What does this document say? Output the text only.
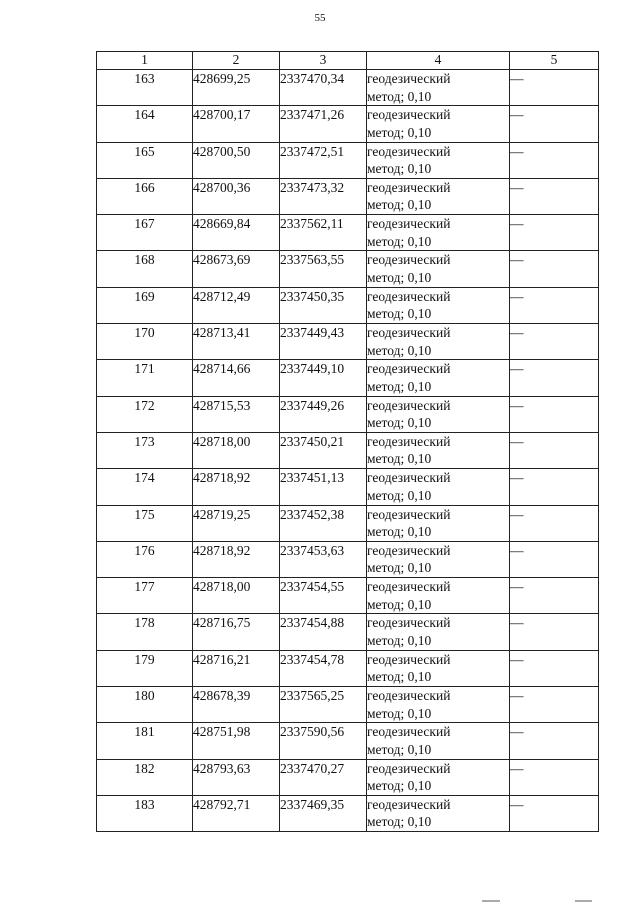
55
1	2	3	4	5
163	428699,25	2337470,34	геодезический
метод; 0,10	—
164	428700,17	2337471,26	геодезический
метод; 0,10	—
165	428700,50	2337472,51	геодезический
метод; 0,10	—
166	428700,36	2337473,32	геодезический
метод; 0,10	—
167	428669,84	2337562,11	геодезический
метод; 0,10	—
168	428673,69	2337563,55	геодезический
метод; 0,10	—
169	428712,49	2337450,35	геодезический
метод; 0,10	—
170	428713,41	2337449,43	геодезический
метод; 0,10	—
171	428714,66	2337449,10	геодезический
метод; 0,10	—
172	428715,53	2337449,26	геодезический
метод; 0,10	—
173	428718,00	2337450,21	геодезический
метод; 0,10	—
174	428718,92	2337451,13	геодезический
метод; 0,10	—
175	428719,25	2337452,38	геодезический
метод; 0,10	—
176	428718,92	2337453,63	геодезический
метод; 0,10	—
177	428718,00	2337454,55	геодезический
метод; 0,10	—
178	428716,75	2337454,88	геодезический
метод; 0,10	—
179	428716,21	2337454,78	геодезический
метод; 0,10	—
180	428678,39	2337565,25	геодезический
метод; 0,10	—
181	428751,98	2337590,56	геодезический
метод; 0,10	—
182	428793,63	2337470,27	геодезический
метод; 0,10	—
183	428792,71	2337469,35	геодезический
метод; 0,10	—
